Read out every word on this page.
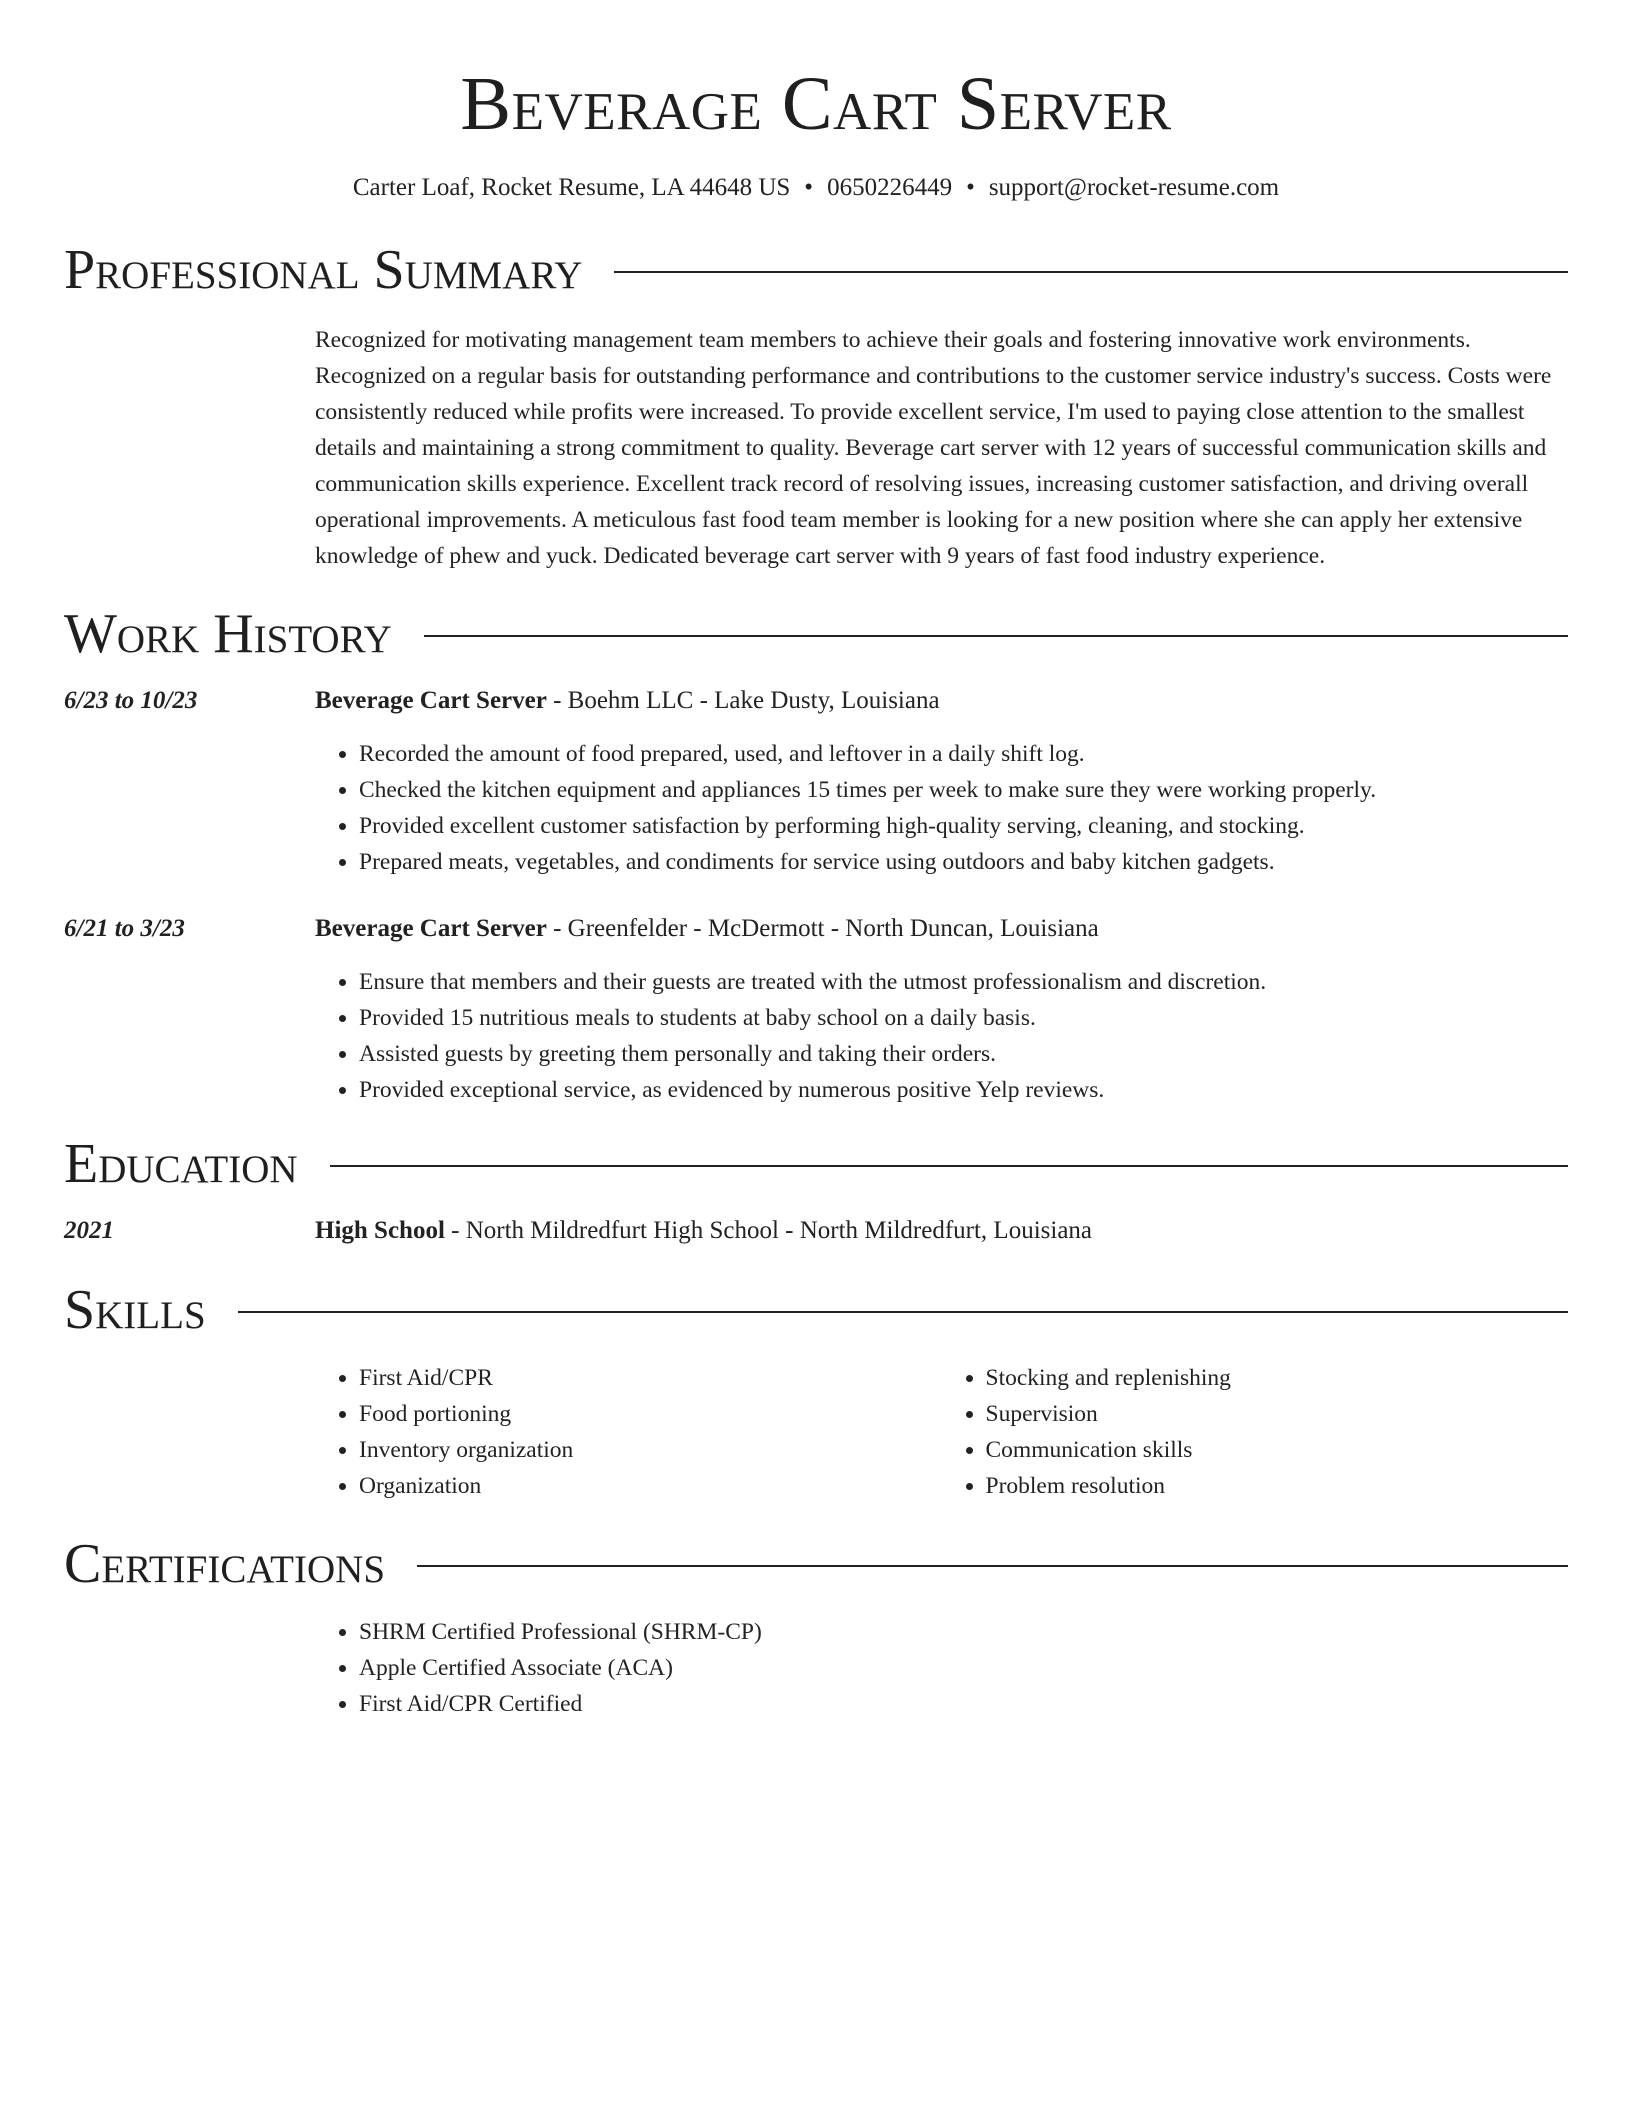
Beverage Cart Server
Carter Loaf, Rocket Resume, LA 44648 US • 0650226449 • support@rocket-resume.com
Professional Summary

Recognized for motivating management team members to achieve their goals and fostering innovative work environments. Recognized on a regular basis for outstanding performance and contributions to the customer service industry's success. Costs were consistently reduced while profits were increased. To provide excellent service, I'm used to paying close attention to the smallest details and maintaining a strong commitment to quality. Beverage cart server with 12 years of successful communication skills and communication skills experience. Excellent track record of resolving issues, increasing customer satisfaction, and driving overall operational improvements. A meticulous fast food team member is looking for a new position where she can apply her extensive knowledge of phew and yuck. Dedicated beverage cart server with 9 years of fast food industry experience.

Work History
6/23 to 10/23	Beverage Cart Server - Boehm LLC - Lake Dusty, Louisiana
• Recorded the amount of food prepared, used, and leftover in a daily shift log.
• Checked the kitchen equipment and appliances 15 times per week to make sure they were working properly.
• Provided excellent customer satisfaction by performing high-quality serving, cleaning, and stocking.
• Prepared meats, vegetables, and condiments for service using outdoors and baby kitchen gadgets.
6/21 to 3/23	Beverage Cart Server - Greenfelder - McDermott - North Duncan, Louisiana
• Ensure that members and their guests are treated with the utmost professionalism and discretion.
• Provided 15 nutritious meals to students at baby school on a daily basis.
• Assisted guests by greeting them personally and taking their orders.
• Provided exceptional service, as evidenced by numerous positive Yelp reviews.
Education
2021	High School - North Mildredfurt High School - North Mildredfurt, Louisiana
Skills
• First Aid/CPR
• Food portioning
• Inventory organization
• Organization
• Stocking and replenishing
• Supervision
• Communication skills
• Problem resolution
Certifications
• SHRM Certified Professional (SHRM-CP)
• Apple Certified Associate (ACA)
• First Aid/CPR Certified
